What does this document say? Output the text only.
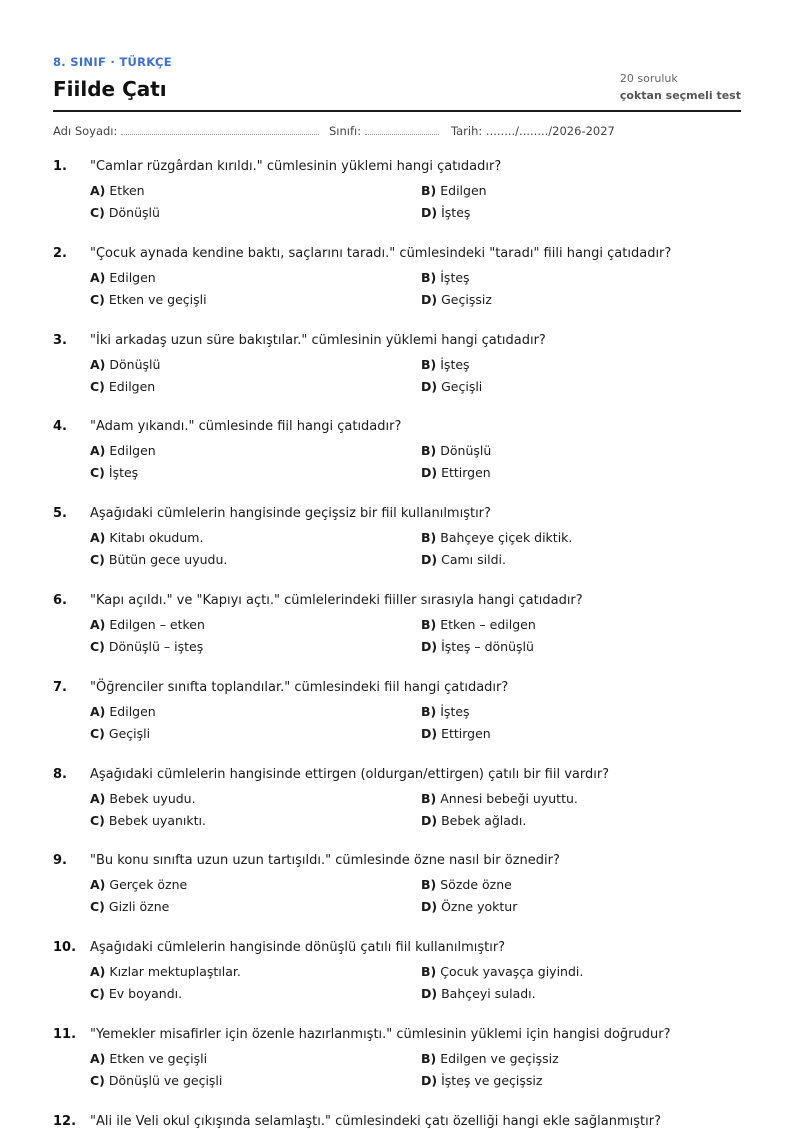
8. SINIF · TÜRKÇE
Fiilde Çatı	20 soruluk
çoktan seçmeli test
Adı Soyadı:	Sınıfı:	Tarih: ......../......../2026-2027
1. "Camlar rüzgârdan kırıldı." cümlesinin yüklemi hangi çatıdadır?
A) Etken	B) Edilgen
C) Dönüşlü	D) İşteş
2. "Çocuk aynada kendine baktı, saçlarını taradı." cümlesindeki "taradı" fiili hangi çatıdadır?
A) Edilgen	B) İşteş
C) Etken ve geçişli	D) Geçişsiz
3. "İki arkadaş uzun süre bakıştılar." cümlesinin yüklemi hangi çatıdadır?
A) Dönüşlü	B) İşteş
C) Edilgen	D) Geçişli
4. "Adam yıkandı." cümlesinde fiil hangi çatıdadır?
A) Edilgen	B) Dönüşlü
C) İşteş	D) Ettirgen
5. Aşağıdaki cümlelerin hangisinde geçişsiz bir fiil kullanılmıştır?
A) Kitabı okudum.	B) Bahçeye çiçek diktik.
C) Bütün gece uyudu.	D) Camı sildi.
6. "Kapı açıldı." ve "Kapıyı açtı." cümlelerindeki fiiller sırasıyla hangi çatıdadır?
A) Edilgen – etken	B) Etken – edilgen
C) Dönüşlü – işteş	D) İşteş – dönüşlü
7. "Öğrenciler sınıfta toplandılar." cümlesindeki fiil hangi çatıdadır?
A) Edilgen	B) İşteş
C) Geçişli	D) Ettirgen
8. Aşağıdaki cümlelerin hangisinde ettirgen (oldurgan/ettirgen) çatılı bir fiil vardır?
A) Bebek uyudu.	B) Annesi bebeği uyuttu.
C) Bebek uyanıktı.	D) Bebek ağladı.
9. "Bu konu sınıfta uzun uzun tartışıldı." cümlesinde özne nasıl bir öznedir?
A) Gerçek özne	B) Sözde özne
C) Gizli özne	D) Özne yoktur
10. Aşağıdaki cümlelerin hangisinde dönüşlü çatılı fiil kullanılmıştır?
A) Kızlar mektuplaştılar.	B) Çocuk yavaşça giyindi.
C) Ev boyandı.	D) Bahçeyi suladı.
11. "Yemekler misafirler için özenle hazırlanmıştı." cümlesinin yüklemi için hangisi doğrudur?
A) Etken ve geçişli	B) Edilgen ve geçişsiz
C) Dönüşlü ve geçişli	D) İşteş ve geçişsiz
12. "Ali ile Veli okul çıkışında selamlaştı." cümlesindeki çatı özelliği hangi ekle sağlanmıştır?
